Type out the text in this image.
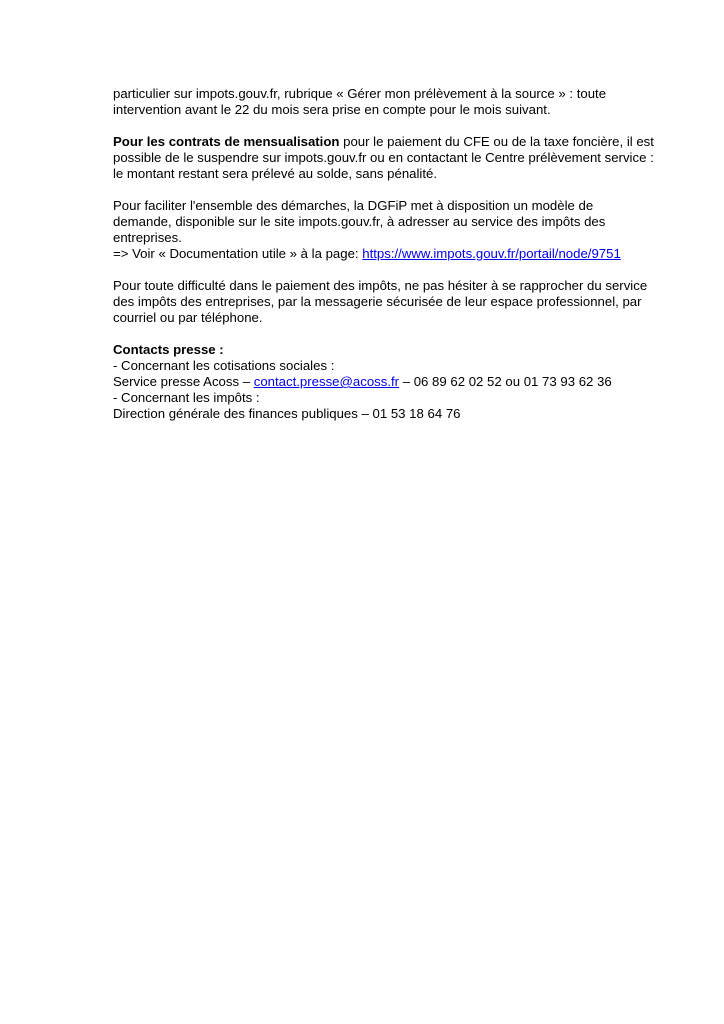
particulier sur impots.gouv.fr, rubrique « Gérer mon prélèvement à la source » : toute
intervention avant le 22 du mois sera prise en compte pour le mois suivant.

Pour les contrats de mensualisation pour le paiement du CFE ou de la taxe foncière, il est
possible de le suspendre sur impots.gouv.fr ou en contactant le Centre prélèvement service :
le montant restant sera prélevé au solde, sans pénalité.

Pour faciliter l'ensemble des démarches, la DGFiP met à disposition un modèle de
demande, disponible sur le site impots.gouv.fr, à adresser au service des impôts des
entreprises.
=> Voir « Documentation utile » à la page: https://www.impots.gouv.fr/portail/node/9751

Pour toute difficulté dans le paiement des impôts, ne pas hésiter à se rapprocher du service
des impôts des entreprises, par la messagerie sécurisée de leur espace professionnel, par
courriel ou par téléphone.

Contacts presse :
- Concernant les cotisations sociales :
Service presse Acoss – contact.presse@acoss.fr – 06 89 62 02 52 ou 01 73 93 62 36
- Concernant les impôts :
Direction générale des finances publiques – 01 53 18 64 76
